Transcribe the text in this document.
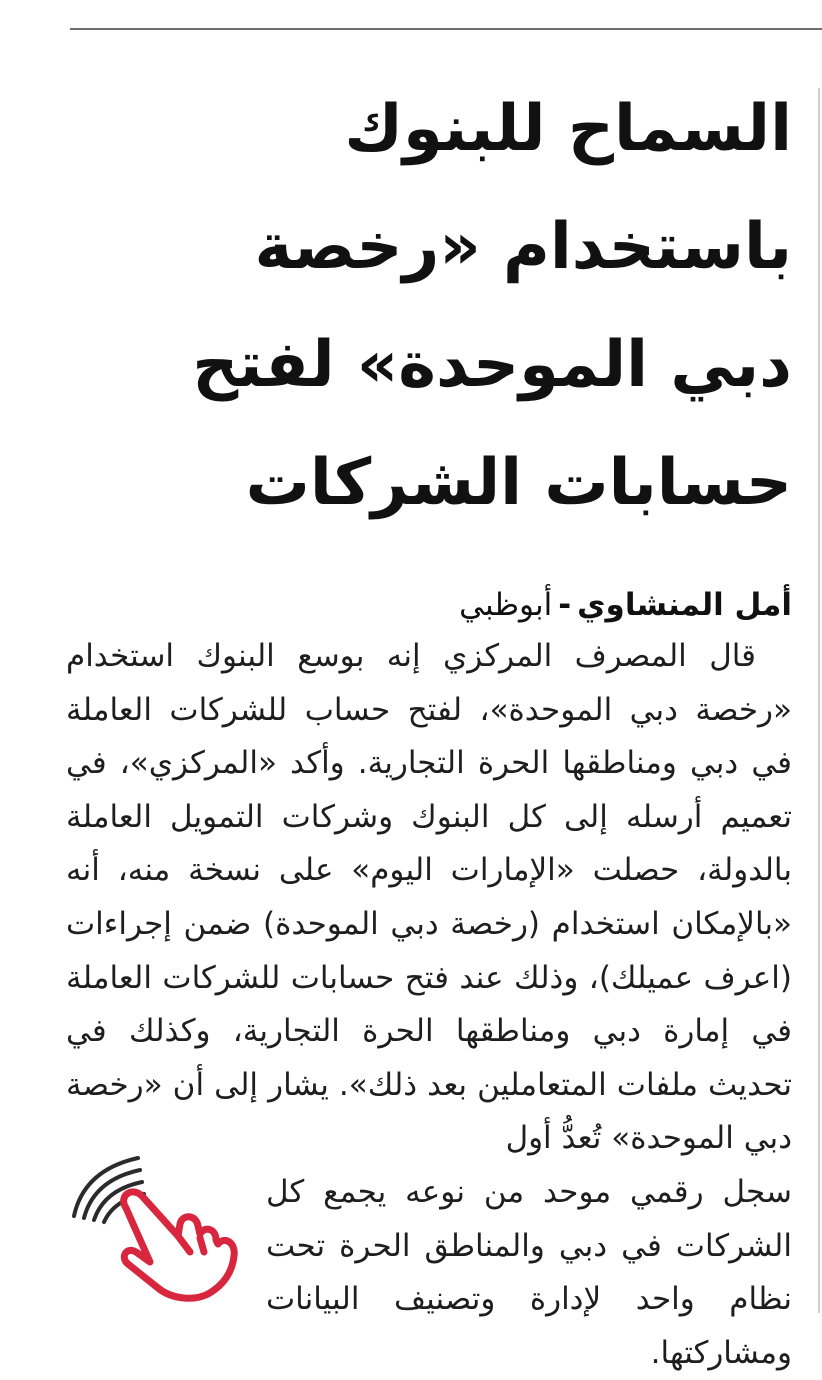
السماح للبنوك
باستخدام «رخصة
دبي الموحدة» لفتح
حسابات الشركات
أمل المنشاوي-أبوظبي

قال المصرف المركزي إنه بوسع البنوك استخدام «رخصة دبي الموحدة»، لفتح حساب للشركات العاملة في دبي ومناطقها الحرة التجارية. وأكد «المركزي»، في تعميم أرسله إلى كل البنوك وشركات التمويل العاملة بالدولة، حصلت «الإمارات اليوم» على نسخة منه، أنه «بالإمكان استخدام (رخصة دبي الموحدة) ضمن إجراءات (اعرف عميلك)، وذلك عند فتح حسابات للشركات العاملة في إمارة دبي ومناطقها الحرة التجارية، وكذلك في تحديث ملفات المتعاملين بعد ذلك». يشار إلى أن «رخصة دبي الموحدة» تُعدُّ أول
سجل رقمي موحد من نوعه يجمع كل الشركات في دبي والمناطق الحرة تحت نظام واحد لإدارة وتصنيف البيانات ومشاركتها.
